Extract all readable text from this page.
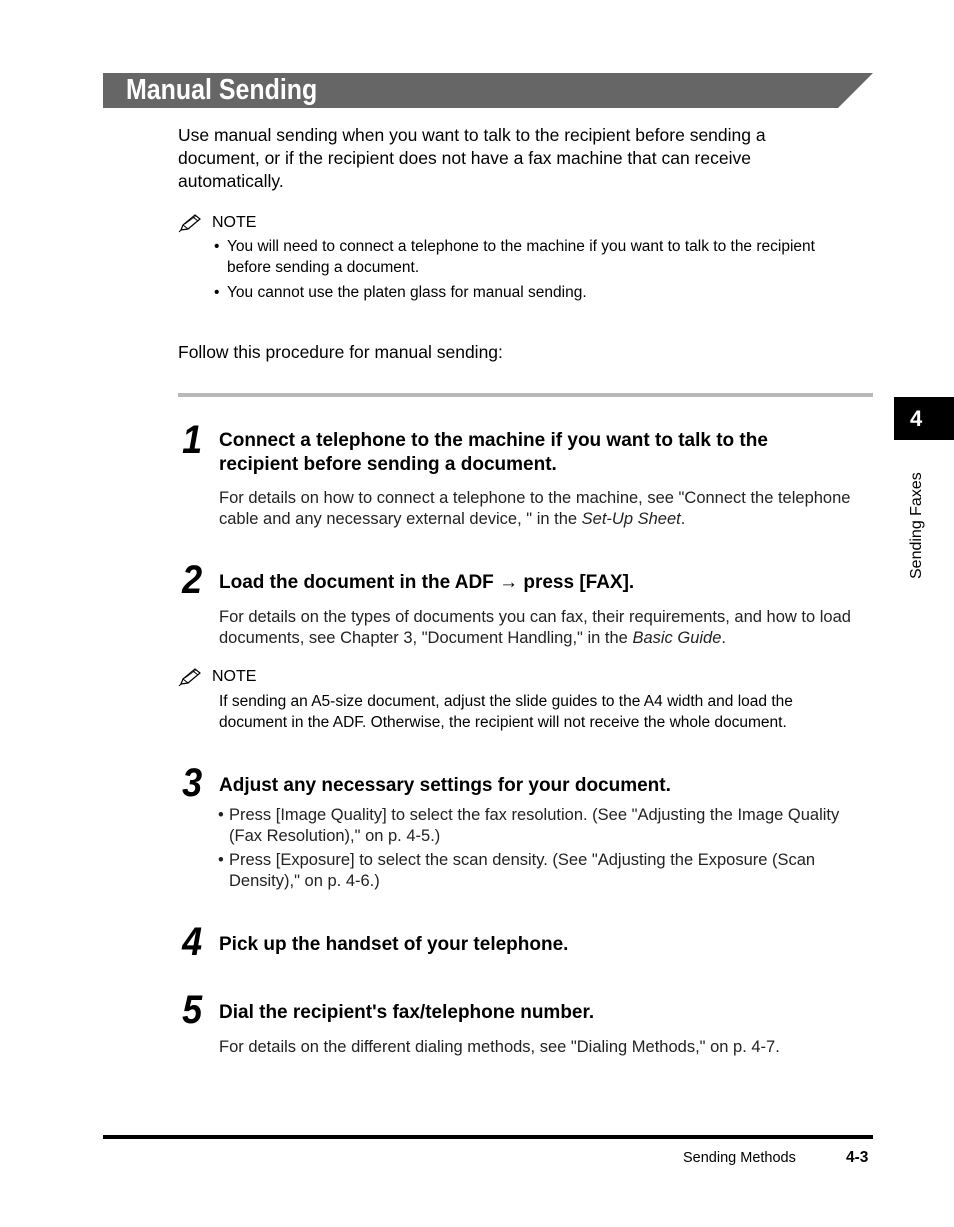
Manual Sending
Use manual sending when you want to talk to the recipient before sending a document, or if the recipient does not have a fax machine that can receive automatically.
NOTE
• You will need to connect a telephone to the machine if you want to talk to the recipient before sending a document.
• You cannot use the platen glass for manual sending.
Follow this procedure for manual sending:
1 Connect a telephone to the machine if you want to talk to the recipient before sending a document.
For details on how to connect a telephone to the machine, see "Connect the telephone cable and any necessary external device, " in the Set-Up Sheet.
2 Load the document in the ADF → press [FAX].
For details on the types of documents you can fax, their requirements, and how to load documents, see Chapter 3, "Document Handling," in the Basic Guide.
NOTE
If sending an A5-size document, adjust the slide guides to the A4 width and load the document in the ADF. Otherwise, the recipient will not receive the whole document.
3 Adjust any necessary settings for your document.
• Press [Image Quality] to select the fax resolution. (See "Adjusting the Image Quality (Fax Resolution)," on p. 4-5.)
• Press [Exposure] to select the scan density. (See "Adjusting the Exposure (Scan Density)," on p. 4-6.)
4 Pick up the handset of your telephone.
5 Dial the recipient's fax/telephone number.
For details on the different dialing methods, see "Dialing Methods," on p. 4-7.
4
Sending Faxes
Sending Methods	4-3
